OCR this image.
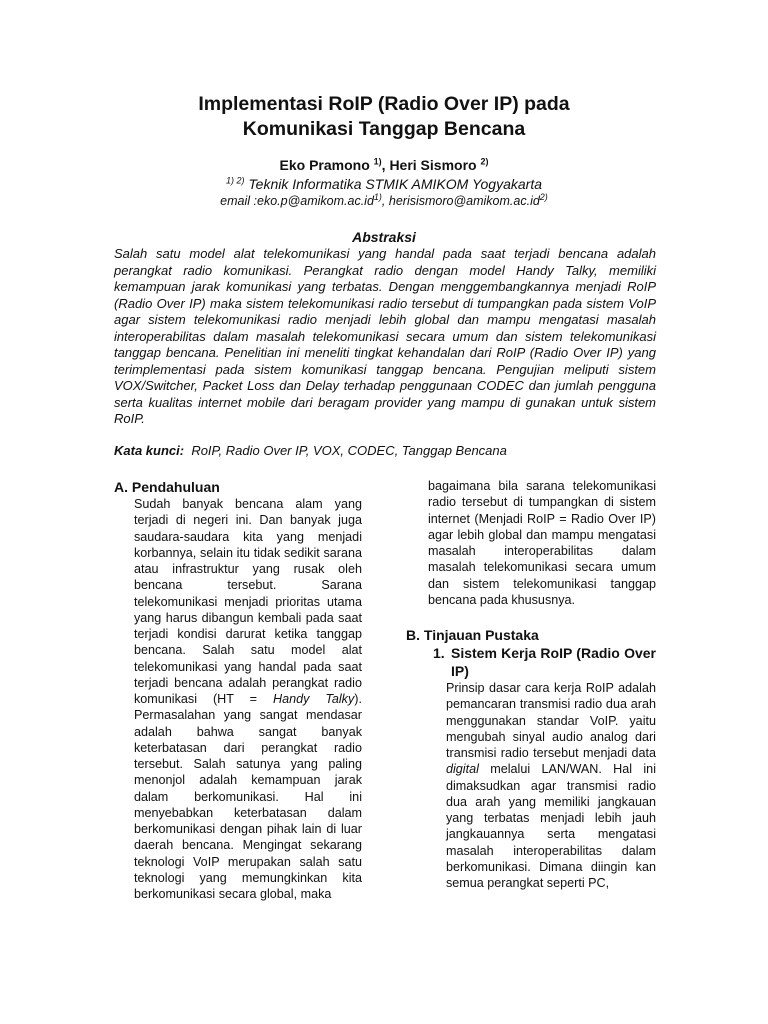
Implementasi RoIP (Radio Over IP) pada
Komunikasi Tanggap Bencana
Eko Pramono $^{1)}$, Heri Sismoro $^{2)}$
$^{1) 2)}$ Teknik Informatika STMIK AMIKOM Yogyakarta
email $:eko.p@amikom.ac.id^{1)}$, $herisismoro@amikom.ac.id^{2)}$
Abstraksi
Salah satu model alat telekomunikasi yang handal pada saat terjadi bencana adalah perangkat radio komunikasi. Perangkat radio dengan model Handy Talky, memiliki kemampuan jarak komunikasi yang terbatas. Dengan menggembangkannya menjadi RoIP (Radio Over IP) maka sistem telekomunikasi radio tersebut di tumpangkan pada sistem VoIP agar sistem telekomunikasi radio menjadi lebih global dan mampu mengatasi masalah interoperabilitas dalam masalah telekomunikasi secara umum dan sistem telekomunikasi tanggap bencana. Penelitian ini meneliti tingkat kehandalan dari RoIP (Radio Over IP) yang terimplementasi pada sistem komunikasi tanggap bencana. Pengujian meliputi sistem VOX/Switcher, Packet Loss dan Delay terhadap penggunaan CODEC dan jumlah pengguna serta kualitas internet mobile dari beragam provider yang mampu di gunakan untuk sistem RoIP.
Kata kunci: RoIP, Radio Over IP, VOX, CODEC, Tanggap Bencana
A. Pendahuluan

Sudah banyak bencana alam yang terjadi di negeri ini. Dan banyak juga saudara-saudara kita yang menjadi korbannya, selain itu tidak sedikit sarana atau infrastruktur yang rusak oleh bencana tersebut. Sarana telekomunikasi menjadi prioritas utama yang harus dibangun kembali pada saat terjadi kondisi darurat ketika tanggap bencana. Salah satu model alat telekomunikasi yang handal pada saat terjadi bencana adalah perangkat radio komunikasi (HT = Handy Talky). Permasalahan yang sangat mendasar adalah bahwa sangat banyak keterbatasan dari perangkat radio tersebut. Salah satunya yang paling menonjol adalah kemampuan jarak dalam berkomunikasi. Hal ini menyebabkan keterbatasan dalam berkomunikasi dengan pihak lain di luar daerah bencana. Mengingat sekarang teknologi VoIP merupakan salah satu teknologi yang memungkinkan kita berkomunikasi secara global, maka

bagaimana bila sarana telekomunikasi radio tersebut di tumpangkan di sistem internet (Menjadi RoIP = Radio Over IP) agar lebih global dan mampu mengatasi masalah interoperabilitas dalam masalah telekomunikasi secara umum dan sistem telekomunikasi tanggap bencana pada khususnya.

B. Tinjauan Pustaka
1. Sistem Kerja RoIP (Radio Over IP)

Prinsip dasar cara kerja RoIP adalah pemancaran transmisi radio dua arah menggunakan standar VoIP. yaitu mengubah sinyal audio analog dari transmisi radio tersebut menjadi data digital melalui LAN/WAN. Hal ini dimaksudkan agar transmisi radio dua arah yang memiliki jangkauan yang terbatas menjadi lebih jauh jangkauannya serta mengatasi masalah interoperabilitas dalam berkomunikasi. Dimana diingin kan semua perangkat seperti PC,
